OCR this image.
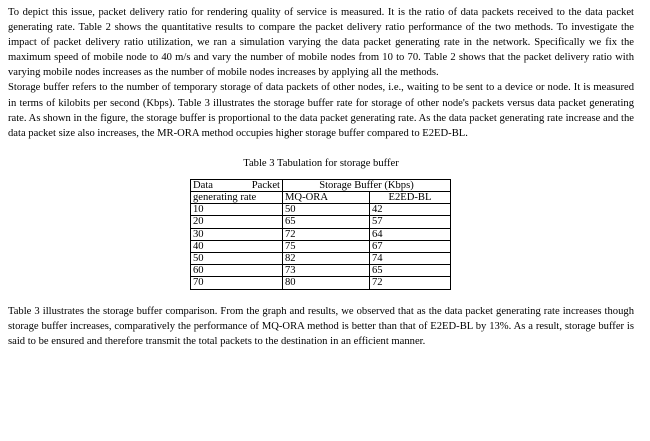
To depict this issue, packet delivery ratio for rendering quality of service is measured. It is the ratio of data packets received to the data packet generating rate. Table 2 shows the quantitative results to compare the packet delivery ratio performance of the two methods. To investigate the impact of packet delivery ratio utilization, we ran a simulation varying the data packet generating rate in the network. Specifically we fix the maximum speed of mobile node to 40 m/s and vary the number of mobile nodes from 10 to 70. Table 2 shows that the packet delivery ratio with varying mobile nodes increases as the number of mobile nodes increases by applying all the methods.

Storage buffer refers to the number of temporary storage of data packets of other nodes, i.e., waiting to be sent to a device or node. It is measured in terms of kilobits per second (Kbps). Table 3 illustrates the storage buffer rate for storage of other node's packets versus data packet generating rate. As shown in the figure, the storage buffer is proportional to the data packet generating rate. As the data packet generating rate increase and the data packet size also increases, the MR-ORA method occupies higher storage buffer compared to E2ED-BL.

Table 3 Tabulation for storage buffer
Data Packet	Storage Buffer (Kbps)	
generating rate	MQ-ORA	E2ED-BL
10	50	42
20	65	57
30	72	64
40	75	67
50	82	74
60	73	65
70	80	72

Table 3 illustrates the storage buffer comparison. From the graph and results, we observed that as the data packet generating rate increases though storage buffer increases, comparatively the performance of MQ-ORA method is better than that of E2ED-BL by 13%. As a result, storage buffer is said to be ensured and therefore transmit the total packets to the destination in an efficient manner.
